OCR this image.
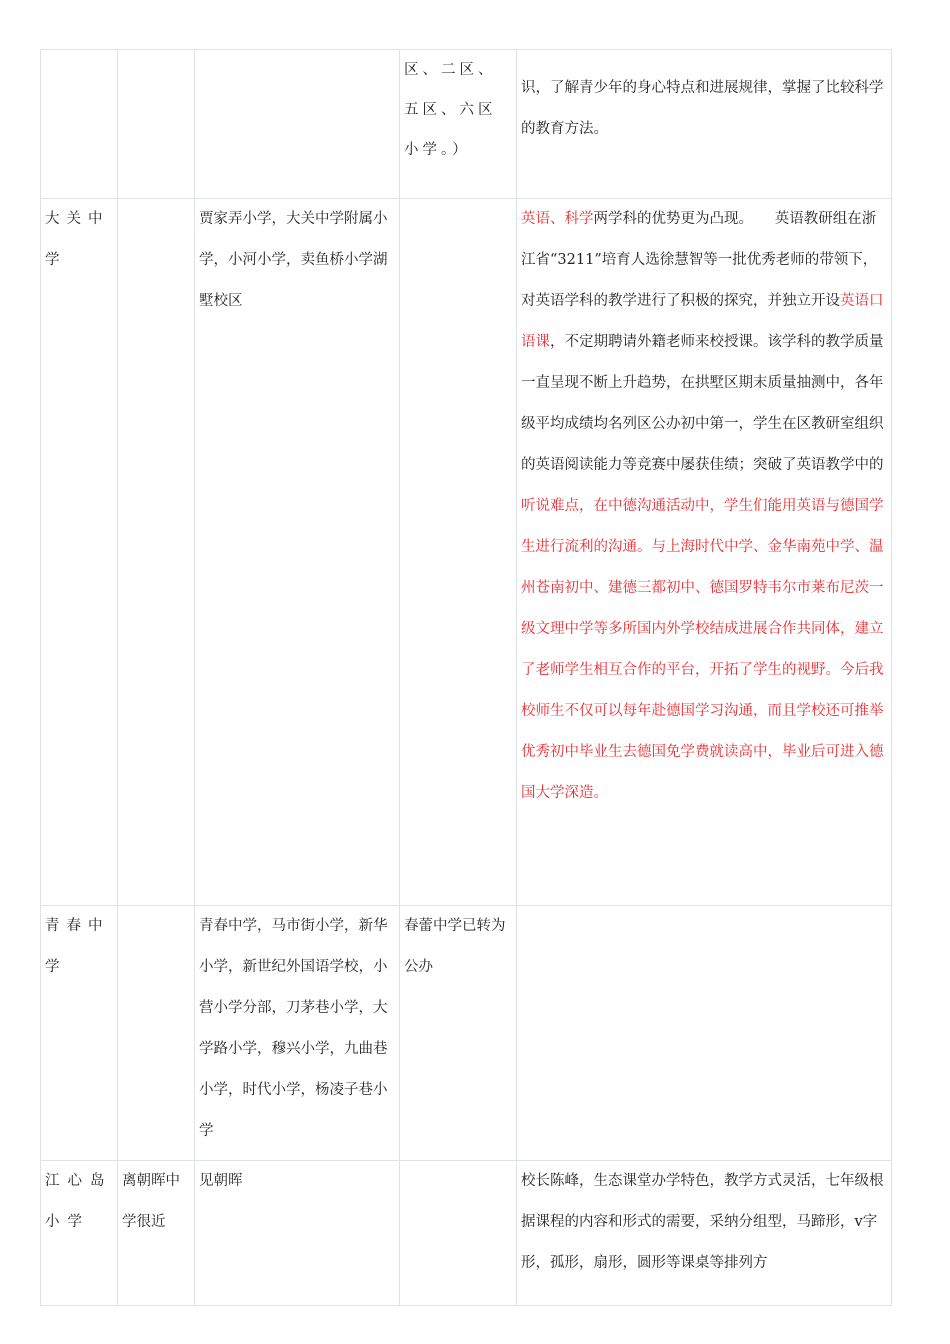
			区、二区、五区、六区小学。）	识，了解青少年的身心特点和进展规律，掌握了比较科学的教育方法。

大关中学		贾家弄小学，大关中学附属小学，小河小学，卖鱼桥小学湖墅校区		英语、科学两学科的优势更为凸现。　　英语教研组在浙江省“3211”培育人选徐慧智等一批优秀老师的带领下，对英语学科的教学进行了积极的探究，并独立开设英语口语课，不定期聘请外籍老师来校授课。该学科的教学质量一直呈现不断上升趋势，在拱墅区期末质量抽测中，各年级平均成绩均名列区公办初中第一，学生在区教研室组织的英语阅读能力等竞赛中屡获佳绩；突破了英语教学中的听说难点，在中德沟通活动中，学生们能用英语与德国学生进行流利的沟通。与上海时代中学、金华南苑中学、温州苍南初中、建德三都初中、德国罗特韦尔市莱布尼茨一级文理中学等多所国内外学校结成进展合作共同体，建立了老师学生相互合作的平台，开拓了学生的视野。今后我校师生不仅可以每年赴德国学习沟通，而且学校还可推举优秀初中毕业生去德国免学费就读高中，毕业后可进入德国大学深造。

青春中学		青春中学，马市街小学，新华小学，新世纪外国语学校，小营小学分部，刀茅巷小学，大学路小学，穆兴小学，九曲巷小学，时代小学，杨凌子巷小学	春蕾中学已转为公办	

江心岛小学	离朝晖中学很近	见朝晖		校长陈峰，生态课堂办学特色，教学方式灵活，七年级根据课程的内容和形式的需要，采纳分组型，马蹄形，v字形，孤形，扇形，圆形等课桌等排列方
